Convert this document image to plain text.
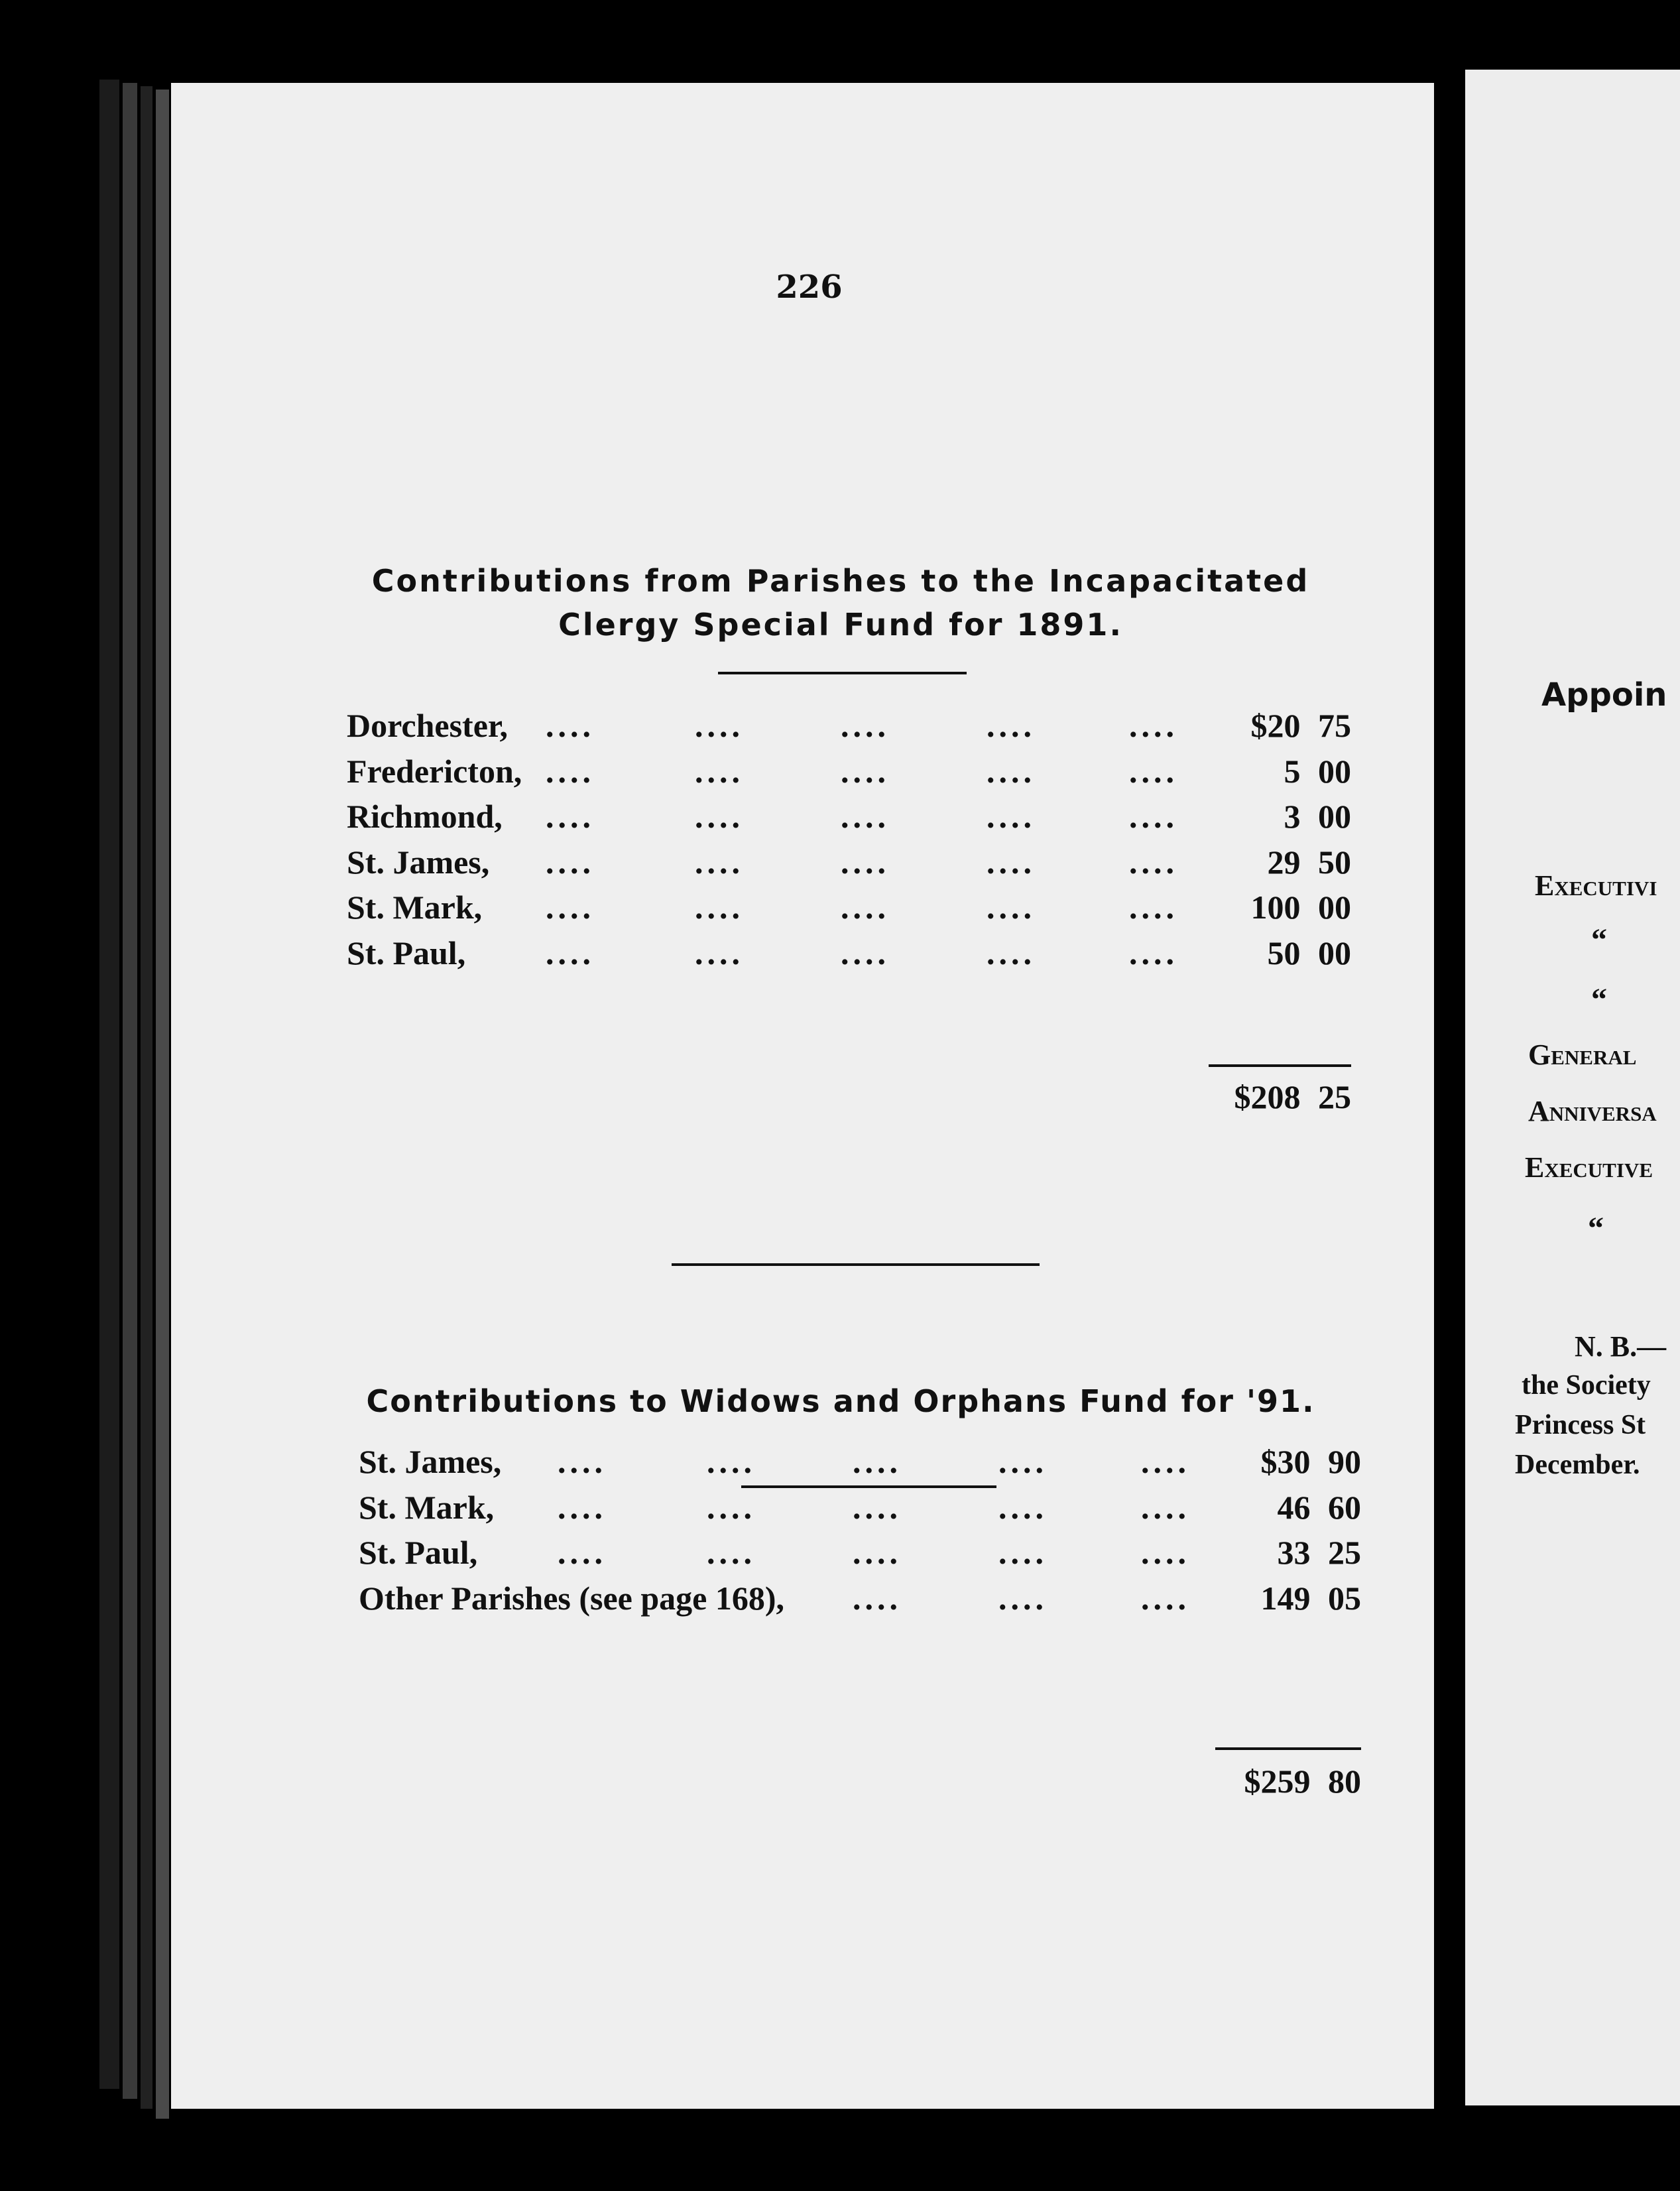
226
Contributions from Parishes to the Incapacitated
Clergy Special Fund for 1891.
Dorchester, ....	....	....	....	.... $20 75
Fredericton, ....	....	....	....	....	5 00
Richmond, ....	....	....	....	....	3 00
St. James, ....	....	....	....	....	29 50
St. Mark, ....	....	....	....	.... 100 00
St. Paul, ....	....	....	....	....	50 00
$208 25
Contributions to Widows and Orphans Fund for '91.
St. James, ....	....	....	....	.... $30 90
St. Mark, ....	....	....	....	....	46 60
St. Paul, ....	....	....	....	....	33 25
Other Parishes (see page 168), ....	....	.... 149 05
$259 80
Appoin
Executivi
“
“
General
Anniversa
Executive
“
N. B.—
the Society
Princess St
December.
